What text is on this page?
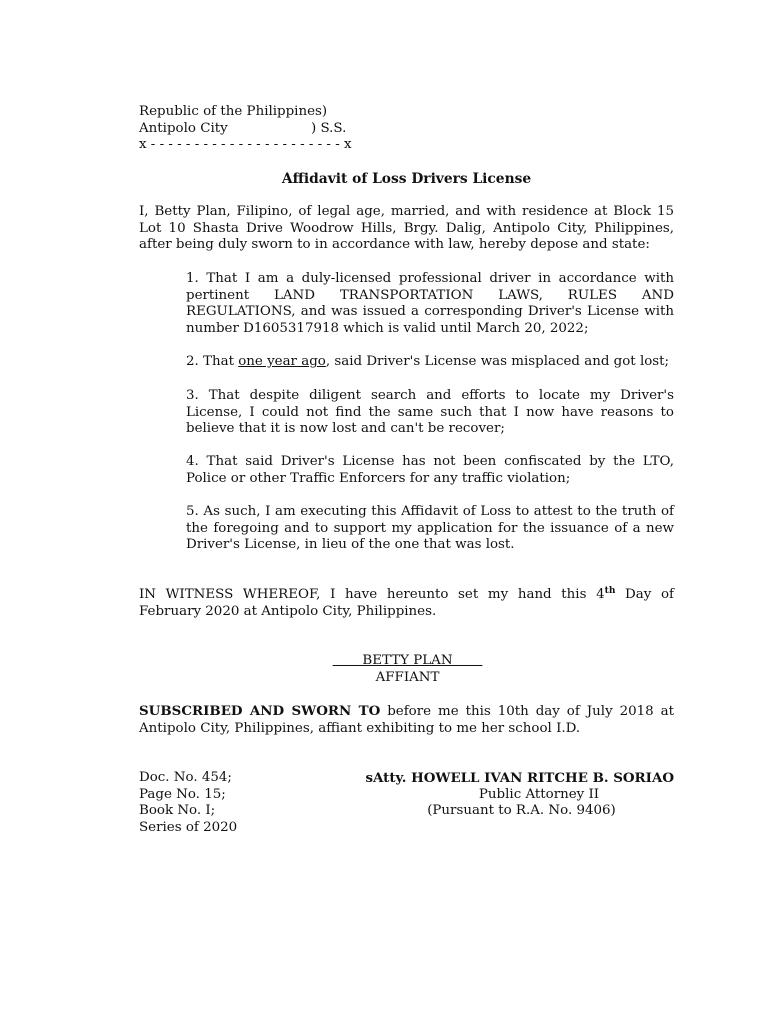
Republic of the Philippines)
Antipolo City	) S.S.
x - - - - - - - - - - - - - - - - - - - - - - x
Affidavit of Loss Drivers License

I, Betty Plan, Filipino, of legal age, married, and with residence at Block 15 Lot 10 Shasta Drive Woodrow Hills, Brgy. Dalig, Antipolo City, Philippines, after being duly sworn to in accordance with law, hereby depose and state:

1. That I am a duly-licensed professional driver in accordance with pertinent LAND TRANSPORTATION LAWS, RULES AND REGULATIONS, and was issued a corresponding Driver's License with number D1605317918 which is valid until March 20, 2022;

2. That one year ago, said Driver's License was misplaced and got lost;

3. That despite diligent search and efforts to locate my Driver's License, I could not find the same such that I now have reasons to believe that it is now lost and can't be recover;

4. That said Driver's License has not been confiscated by the LTO, Police or other Traffic Enforcers for any traffic violation;

5. As such, I am executing this Affidavit of Loss to attest to the truth of the foregoing and to support my application for the issuance of a new Driver's License, in lieu of the one that was lost.

IN WITNESS WHEREOF, I have hereunto set my hand this 4th Day of February 2020 at Antipolo City, Philippines.

BETTY PLAN
AFFIANT

SUBSCRIBED AND SWORN TO before me this 10th day of July 2018 at Antipolo City, Philippines, affiant exhibiting to me her school I.D.

Doc. No. 454;
Page No. 15;
Book No. I;
Series of 2020
sAtty. HOWELL IVAN RITCHE B. SORIAO
Public Attorney II
(Pursuant to R.A. No. 9406)
